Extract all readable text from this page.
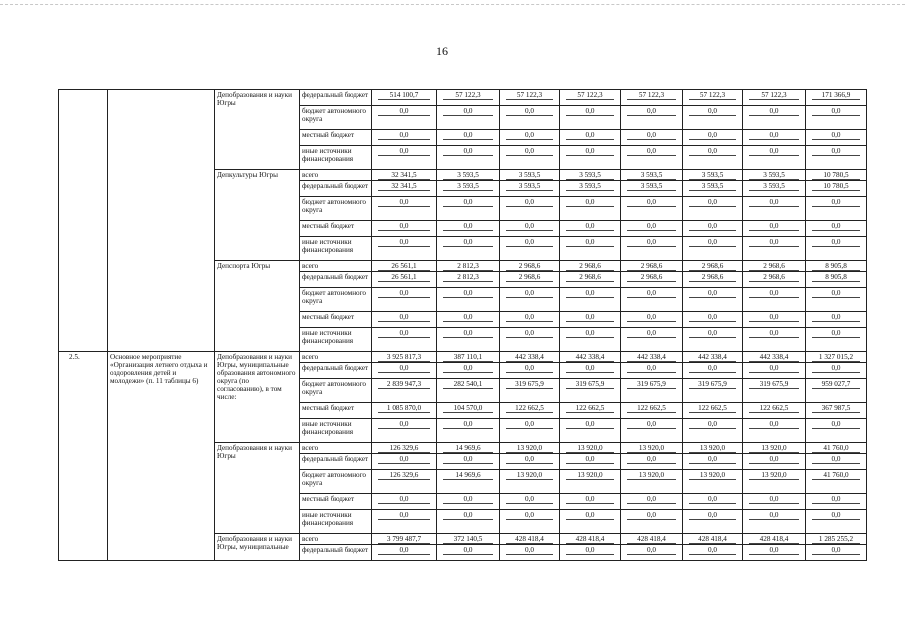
16
		Депобразования и науки Югры	федеральный бюджет	514 100,7	57 122,3	57 122,3	57 122,3	57 122,3	57 122,3	57 122,3	171 366,9

			бюджет автономного округа	0,0	0,0	0,0	0,0	0,0	0,0	0,0	0,0

			местный бюджет	0,0	0,0	0,0	0,0	0,0	0,0	0,0	0,0

			иные источники финансирования	0,0	0,0	0,0	0,0	0,0	0,0	0,0	0,0

		Депкультуры Югры	всего	32 341,5	3 593,5	3 593,5	3 593,5	3 593,5	3 593,5	3 593,5	10 780,5

			федеральный бюджет	32 341,5	3 593,5	3 593,5	3 593,5	3 593,5	3 593,5	3 593,5	10 780,5

			бюджет автономного округа	0,0	0,0	0,0	0,0	0,0	0,0	0,0	0,0

			местный бюджет	0,0	0,0	0,0	0,0	0,0	0,0	0,0	0,0

			иные источники финансирования	0,0	0,0	0,0	0,0	0,0	0,0	0,0	0,0

		Депспорта Югры	всего	26 561,1	2 812,3	2 968,6	2 968,6	2 968,6	2 968,6	2 968,6	8 905,8

			федеральный бюджет	26 561,1	2 812,3	2 968,6	2 968,6	2 968,6	2 968,6	2 968,6	8 905,8

			бюджет автономного округа	0,0	0,0	0,0	0,0	0,0	0,0	0,0	0,0

			местный бюджет	0,0	0,0	0,0	0,0	0,0	0,0	0,0	0,0

			иные источники финансирования	0,0	0,0	0,0	0,0	0,0	0,0	0,0	0,0

2.5.	Основное мероприятие «Организация летнего отдыха и оздоровления детей и молодежи» (п. 11 таблицы 6)	Депобразования и науки Югры, муниципальные образования автономного округа (по согласованию), в том числе:	всего	3 925 817,3	387 110,1	442 338,4	442 338,4	442 338,4	442 338,4	442 338,4	1 327 015,2

			федеральный бюджет	0,0	0,0	0,0	0,0	0,0	0,0	0,0	0,0

			бюджет автономного округа	2 839 947,3	282 540,1	319 675,9	319 675,9	319 675,9	319 675,9	319 675,9	959 027,7

			местный бюджет	1 085 870,0	104 570,0	122 662,5	122 662,5	122 662,5	122 662,5	122 662,5	367 987,5

			иные источники финансирования	0,0	0,0	0,0	0,0	0,0	0,0	0,0	0,0

		Депобразования и науки Югры	всего	126 329,6	14 969,6	13 920,0	13 920,0	13 920,0	13 920,0	13 920,0	41 760,0

			федеральный бюджет	0,0	0,0	0,0	0,0	0,0	0,0	0,0	0,0

			бюджет автономного округа	126 329,6	14 969,6	13 920,0	13 920,0	13 920,0	13 920,0	13 920,0	41 760,0

			местный бюджет	0,0	0,0	0,0	0,0	0,0	0,0	0,0	0,0

			иные источники финансирования	0,0	0,0	0,0	0,0	0,0	0,0	0,0	0,0

		Депобразования и науки Югры, муниципальные	всего	3 799 487,7	372 140,5	428 418,4	428 418,4	428 418,4	428 418,4	428 418,4	1 285 255,2

			федеральный бюджет	0,0	0,0	0,0	0,0	0,0	0,0	0,0	0,0
